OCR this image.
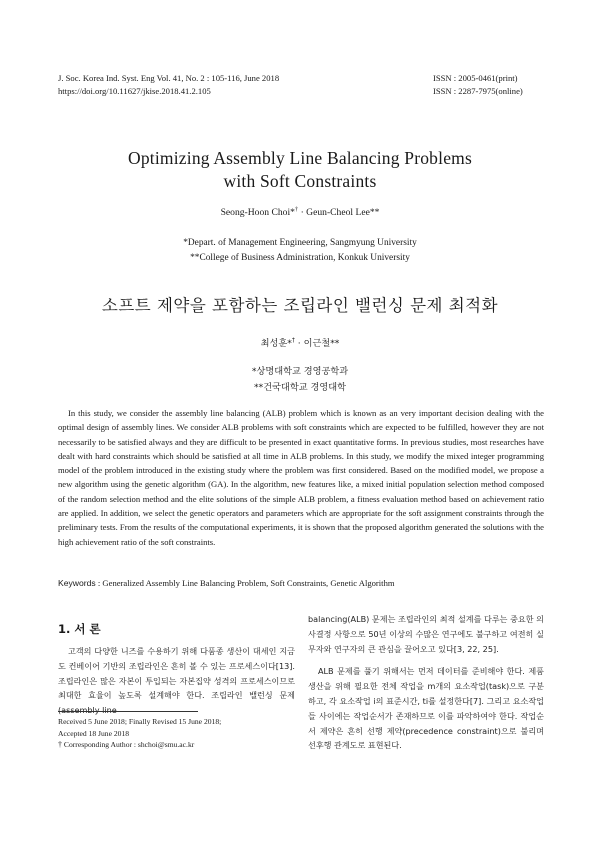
J. Soc. Korea Ind. Syst. Eng Vol. 41, No. 2 : 105-116, June 2018
https://doi.org/10.11627/jkise.2018.41.2.105
ISSN : 2005-0461(print)
ISSN : 2287-7975(online)
Optimizing Assembly Line Balancing Problems
with Soft Constraints
Seong-Hoon Choi*† · Geun-Cheol Lee**
*Depart. of Management Engineering, Sangmyung University
**College of Business Administration, Konkuk University
소프트 제약을 포함하는 조립라인 밸런싱 문제 최적화
최성훈*† · 이근철**
*상명대학교 경영공학과
**건국대학교 경영대학
In this study, we consider the assembly line balancing (ALB) problem which is known as an very important decision dealing with the optimal design of assembly lines. We consider ALB problems with soft constraints which are expected to be fulfilled, however they are not necessarily to be satisfied always and they are difficult to be presented in exact quantitative forms. In previous studies, most researches have dealt with hard constraints which should be satisfied at all time in ALB problems. In this study, we modify the mixed integer programming model of the problem introduced in the existing study where the problem was first considered. Based on the modified model, we propose a new algorithm using the genetic algorithm (GA). In the algorithm, new features like, a mixed initial population selection method composed of the random selection method and the elite solutions of the simple ALB problem, a fitness evaluation method based on achievement ratio are applied. In addition, we select the genetic operators and parameters which are appropriate for the soft assignment constraints through the preliminary tests. From the results of the computational experiments, it is shown that the proposed algorithm generated the solutions with the high achievement ratio of the soft constraints.
Keywords : Generalized Assembly Line Balancing Problem, Soft Constraints, Genetic Algorithm
1. 서 론

고객의 다양한 니즈를 수용하기 위해 다품종 생산이 대세인 지금도 컨베이어 기반의 조립라인은 흔히 볼 수 있는 프로세스이다[13]. 조립라인은 많은 자본이 투입되는 자본집약 성격의 프로세스이므로 최대한 효율이 높도록 설계해야 한다. 조립라인 밸런싱 문제(assembly line

balancing(ALB) 문제는 조립라인의 최적 설계를 다루는 중요한 의사결정 사항으로 50년 이상의 수많은 연구에도 불구하고 여전히 실무자와 연구자의 큰 관심을 끌어오고 있다[3, 22, 25].

ALB 문제를 풀기 위해서는 먼저 데이터를 준비해야 한다. 제품 생산을 위해 필요한 전체 작업을 m개의 요소작업(task)으로 구분하고, 각 요소작업 i의 표준시간, ti를 설정한다[7]. 그리고 요소작업들 사이에는 작업순서가 존재하므로 이를 파악하여야 한다. 작업순서 제약은 흔히 선행 제약(precedence constraint)으로 불리며 선후행 관계도로 표현된다.

Received 5 June 2018; Finally Revised 15 June 2018;
Accepted 18 June 2018
† Corresponding Author : shchoi@smu.ac.kr
